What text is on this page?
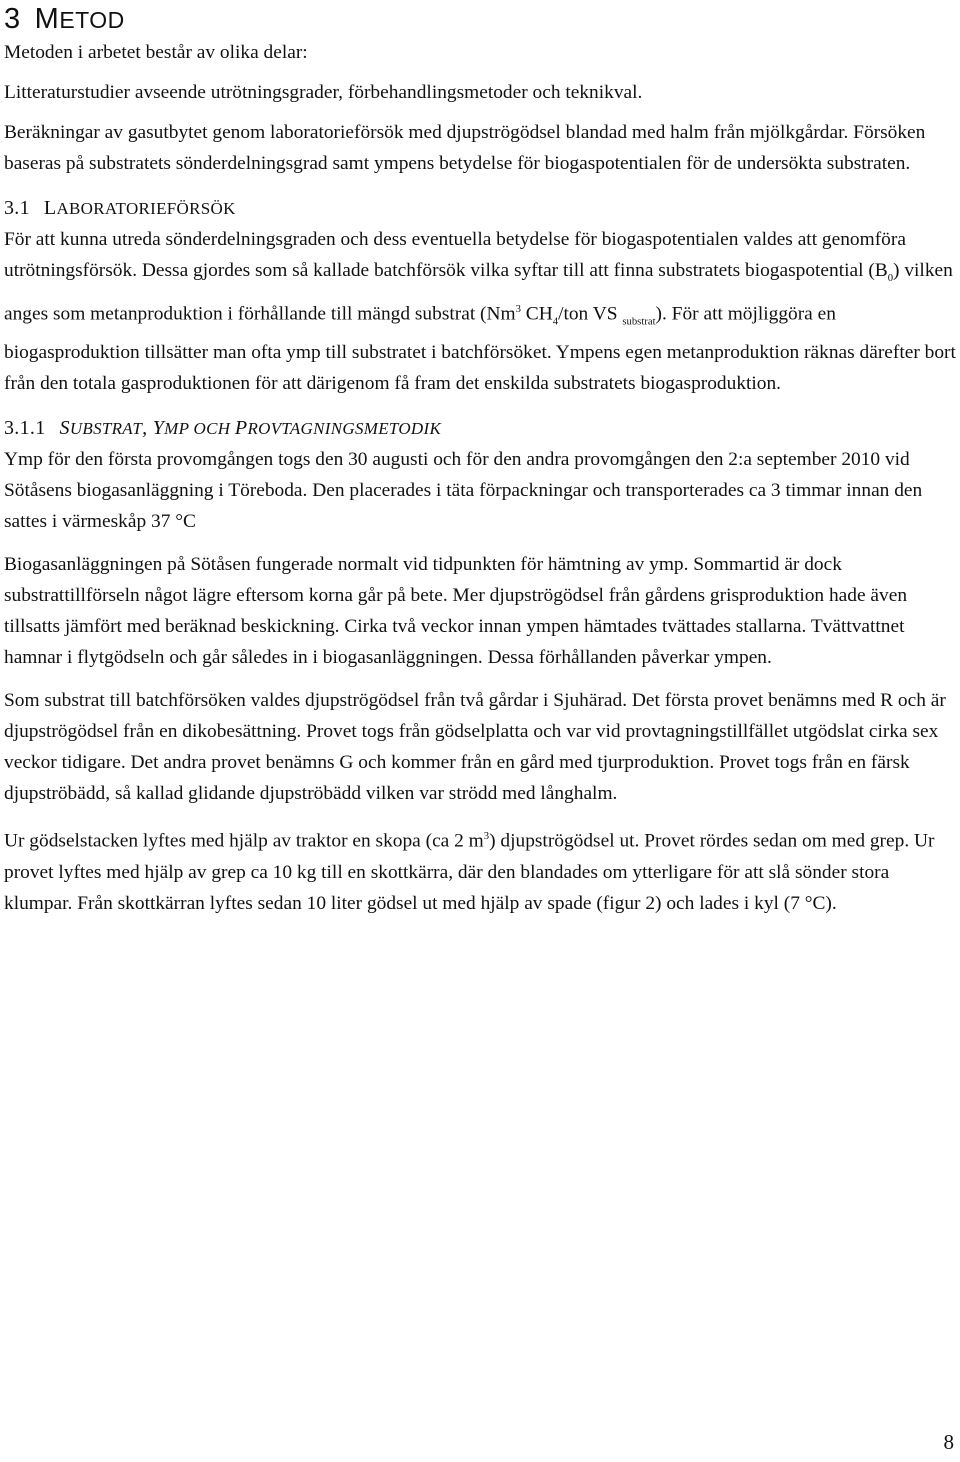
3 METOD

Metoden i arbetet består av olika delar:

Litteraturstudier avseende utrötningsgrader, förbehandlingsmetoder och teknikval.

Beräkningar av gasutbytet genom laboratorieförsök med djupströgödsel blandad med halm från mjölkgårdar. Försöken baseras på substratets sönderdelningsgrad samt ympens betydelse för biogaspotentialen för de undersökta substraten.

3.1 LABORATORIEFÖRSÖK

För att kunna utreda sönderdelningsgraden och dess eventuella betydelse för biogaspotentialen valdes att genomföra utrötningsförsök. Dessa gjordes som så kallade batchförsök vilka syftar till att finna substratets biogaspotential $(B_0)$ vilken anges som metanproduktion i förhållande till mängd substrat (Nm$^3$ $CH_4$/ton VS $_{substrat}$). För att möjliggöra en biogasproduktion tillsätter man ofta ymp till substratet i batchförsöket. Ympens egen metanproduktion räknas därefter bort från den totala gasproduktionen för att därigenom få fram det enskilda substratets biogasproduktion.

3.1.1 SUBSTRAT, YMP OCH PROVTAGNINGSMETODIK

Ymp för den första provomgången togs den 30 augusti och för den andra provomgången den 2:a september 2010 vid Sötåsens biogasanläggning i Töreboda. Den placerades i täta förpackningar och transporterades ca 3 timmar innan den sattes i värmeskåp 37 °C

Biogasanläggningen på Sötåsen fungerade normalt vid tidpunkten för hämtning av ymp. Sommartid är dock substrattillförseln något lägre eftersom korna går på bete. Mer djupströgödsel från gårdens grisproduktion hade även tillsatts jämfört med beräknad beskickning. Cirka två veckor innan ympen hämtades tvättades stallarna. Tvättvattnet hamnar i flytgödseln och går således in i biogasanläggningen. Dessa förhållanden påverkar ympen.

Som substrat till batchförsöken valdes djupströgödsel från två gårdar i Sjuhärad. Det första provet benämns med R och är djupströgödsel från en dikobesättning. Provet togs från gödselplatta och var vid provtagningstillfället utgödslat cirka sex veckor tidigare. Det andra provet benämns G och kommer från en gård med tjurproduktion. Provet togs från en färsk djupströbädd, så kallad glidande djupströbädd vilken var strödd med långhalm.

Ur gödselstacken lyftes med hjälp av traktor en skopa (ca 2 $m^3$) djupströgödsel ut. Provet rördes sedan om med grep. Ur provet lyftes med hjälp av grep ca 10 kg till en skottkärra, där den blandades om ytterligare för att slå sönder stora klumpar. Från skottkärran lyftes sedan 10 liter gödsel ut med hjälp av spade (figur 2) och lades i kyl (7 °C).

8
